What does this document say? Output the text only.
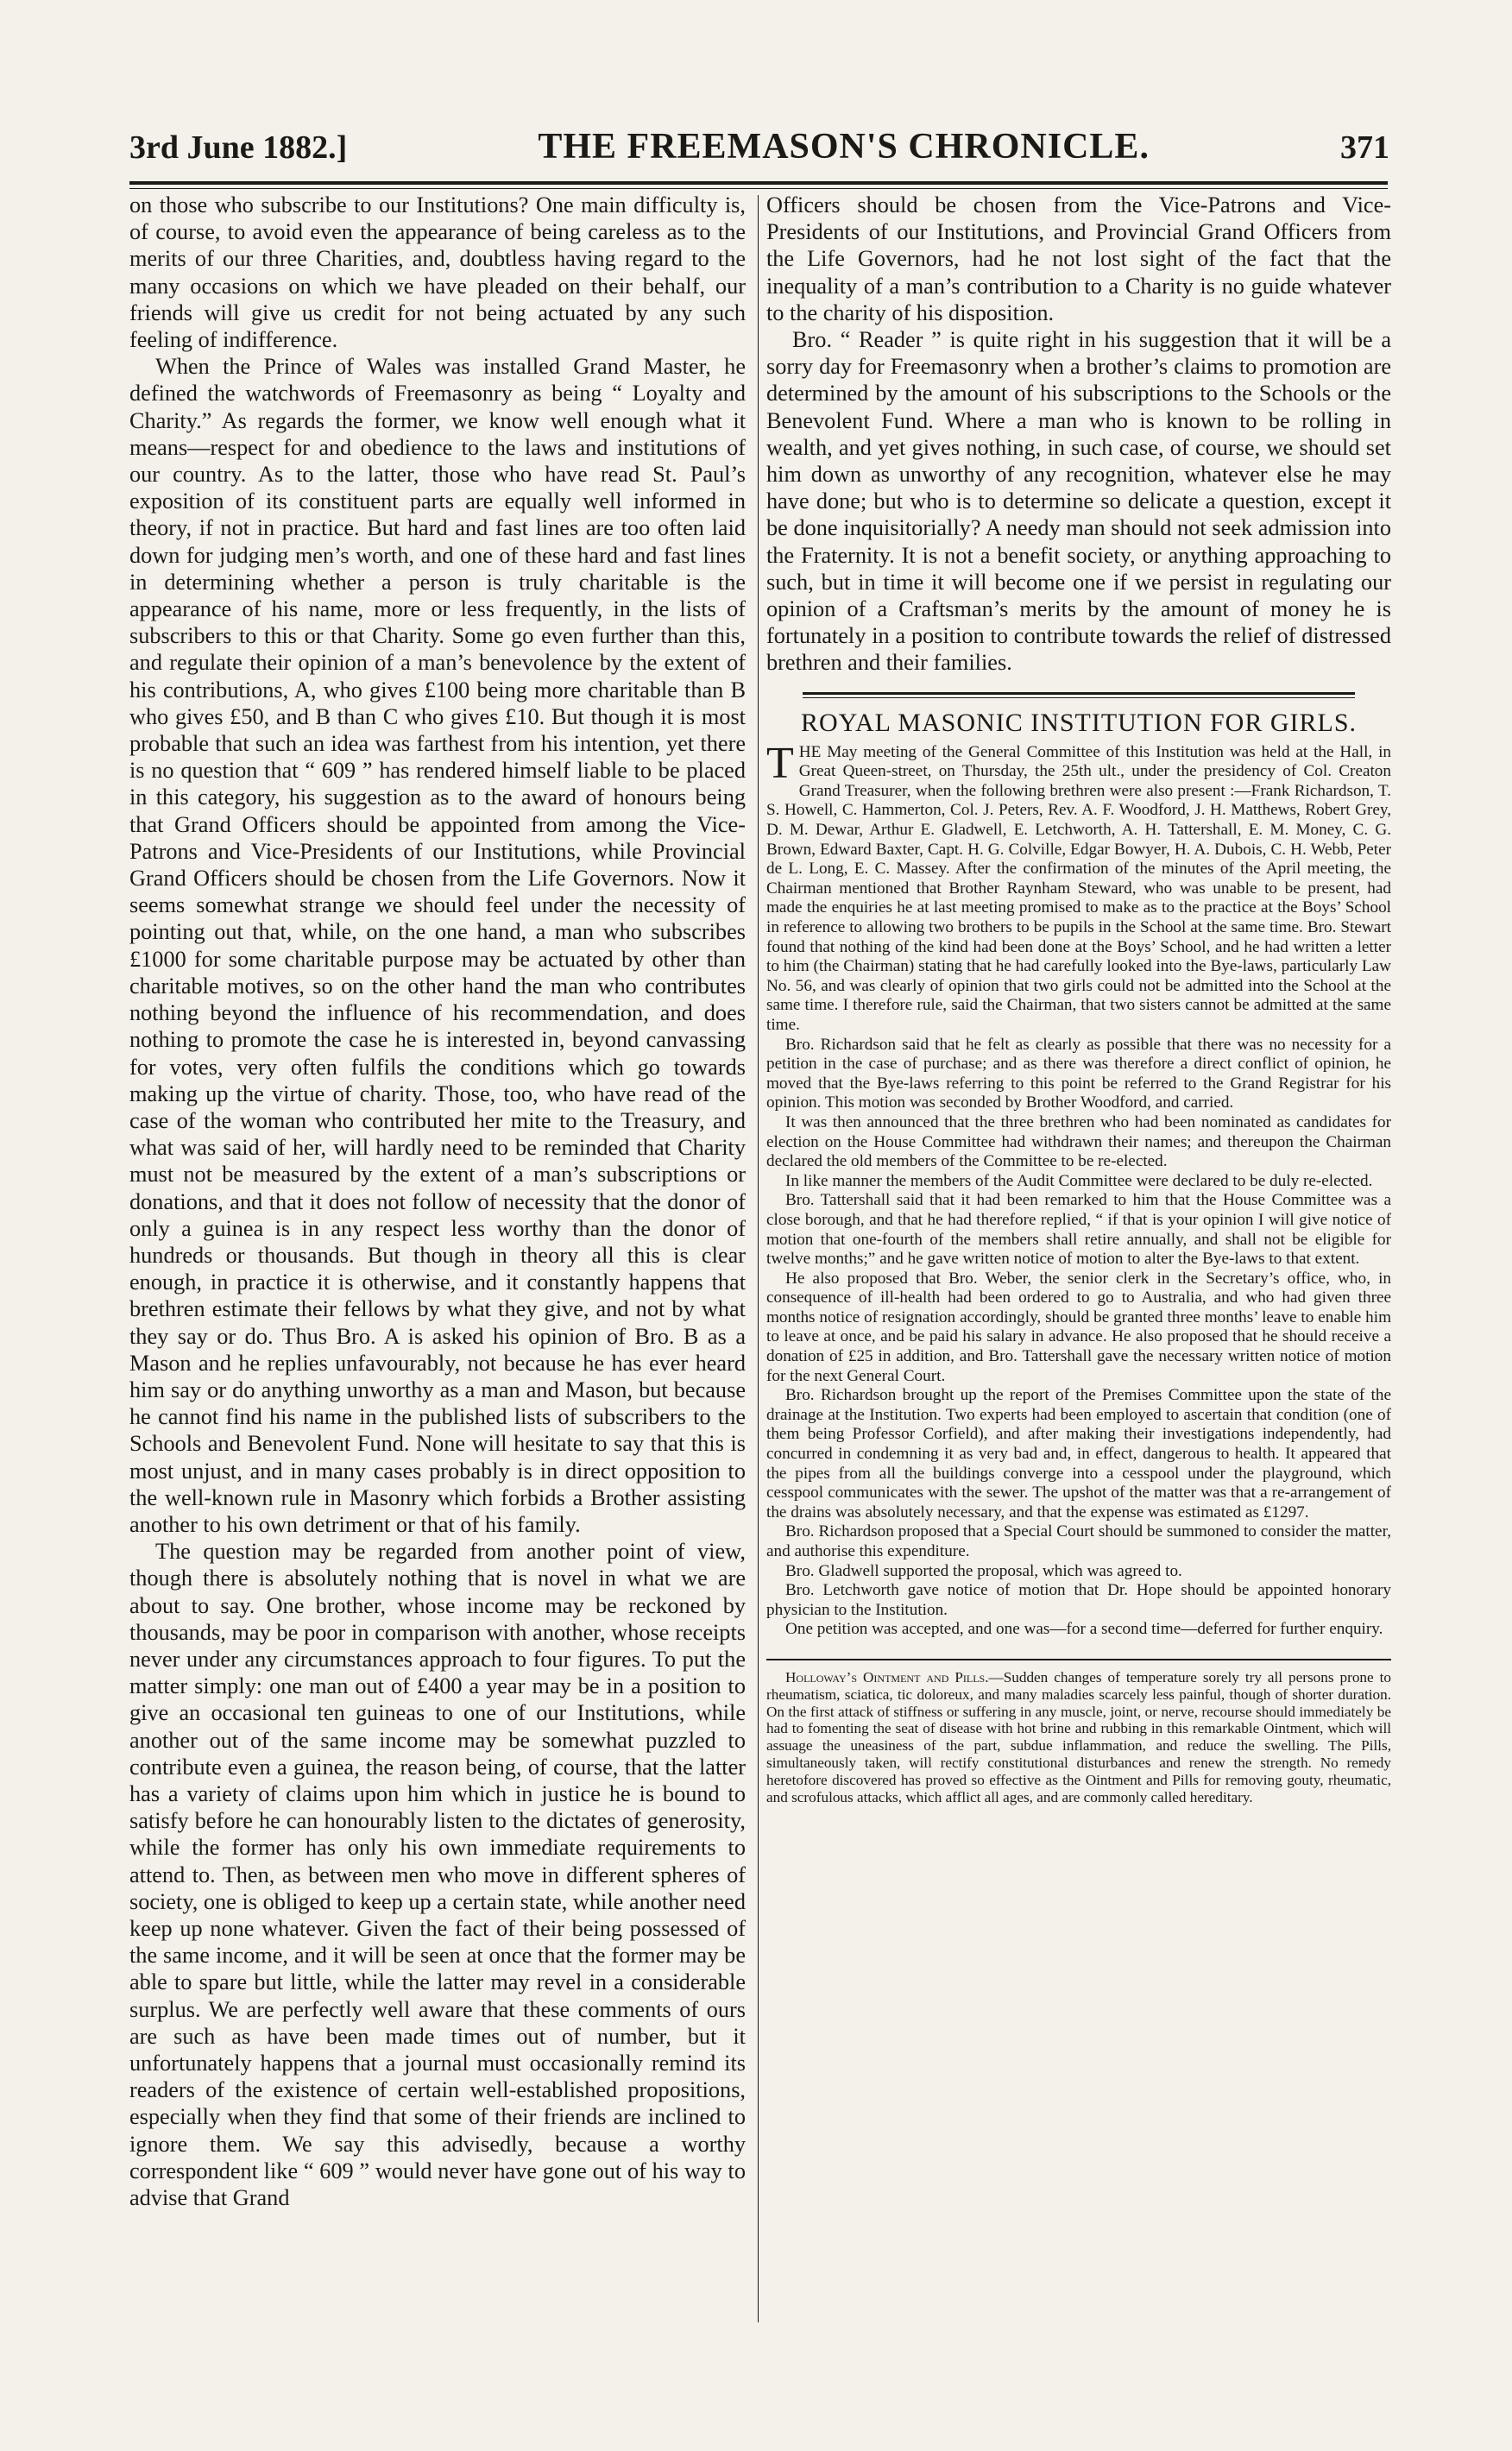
3rd June 1882.]	THE FREEMASON'S CHRONICLE.	371

on those who subscribe to our Institutions? One main difficulty is, of course, to avoid even the appearance of being careless as to the merits of our three Charities, and, doubtless having regard to the many occasions on which we have pleaded on their behalf, our friends will give us credit for not being actuated by any such feeling of indifference.

When the Prince of Wales was installed Grand Master, he defined the watchwords of Freemasonry as being “ Loyalty and Charity.” As regards the former, we know well enough what it means—respect for and obedience to the laws and institutions of our country. As to the latter, those who have read St. Paul’s exposition of its constituent parts are equally well informed in theory, if not in practice. But hard and fast lines are too often laid down for judging men’s worth, and one of these hard and fast lines in determining whether a person is truly charitable is the appearance of his name, more or less frequently, in the lists of subscribers to this or that Charity. Some go even further than this, and regulate their opinion of a man’s benevolence by the extent of his contributions, A, who gives £100 being more charitable than B who gives £50, and B than C who gives £10. But though it is most probable that such an idea was farthest from his intention, yet there is no question that “ 609 ” has rendered himself liable to be placed in this category, his suggestion as to the award of honours being that Grand Officers should be appointed from among the Vice-Patrons and Vice-Presidents of our Institutions, while Provincial Grand Officers should be chosen from the Life Governors. Now it seems somewhat strange we should feel under the necessity of pointing out that, while, on the one hand, a man who subscribes £1000 for some charitable purpose may be actuated by other than charitable motives, so on the other hand the man who contributes nothing beyond the influence of his recommendation, and does nothing to promote the case he is interested in, beyond canvassing for votes, very often fulfils the conditions which go towards making up the virtue of charity. Those, too, who have read of the case of the woman who contributed her mite to the Treasury, and what was said of her, will hardly need to be reminded that Charity must not be measured by the extent of a man’s subscriptions or donations, and that it does not follow of necessity that the donor of only a guinea is in any respect less worthy than the donor of hundreds or thousands. But though in theory all this is clear enough, in practice it is otherwise, and it constantly happens that brethren estimate their fellows by what they give, and not by what they say or do. Thus Bro. A is asked his opinion of Bro. B as a Mason and he replies unfavourably, not because he has ever heard him say or do anything unworthy as a man and Mason, but because he cannot find his name in the published lists of subscribers to the Schools and Benevolent Fund. None will hesitate to say that this is most unjust, and in many cases probably is in direct opposition to the well-known rule in Masonry which forbids a Brother assisting another to his own detriment or that of his family.

The question may be regarded from another point of view, though there is absolutely nothing that is novel in what we are about to say. One brother, whose income may be reckoned by thousands, may be poor in comparison with another, whose receipts never under any circumstances approach to four figures. To put the matter simply: one man out of £400 a year may be in a position to give an occasional ten guineas to one of our Institutions, while another out of the same income may be somewhat puzzled to contribute even a guinea, the reason being, of course, that the latter has a variety of claims upon him which in justice he is bound to satisfy before he can honourably listen to the dictates of generosity, while the former has only his own immediate requirements to attend to. Then, as between men who move in different spheres of society, one is obliged to keep up a certain state, while another need keep up none whatever. Given the fact of their being possessed of the same income, and it will be seen at once that the former may be able to spare but little, while the latter may revel in a considerable surplus. We are perfectly well aware that these comments of ours are such as have been made times out of number, but it unfortunately happens that a journal must occasionally remind its readers of the existence of certain well-established propositions, especially when they find that some of their friends are inclined to ignore them. We say this advisedly, because a worthy correspondent like “ 609 ” would never have gone out of his way to advise that Grand

Officers should be chosen from the Vice-Patrons and Vice-Presidents of our Institutions, and Provincial Grand Officers from the Life Governors, had he not lost sight of the fact that the inequality of a man’s contribution to a Charity is no guide whatever to the charity of his disposition.

Bro. “ Reader ” is quite right in his suggestion that it will be a sorry day for Freemasonry when a brother’s claims to promotion are determined by the amount of his subscriptions to the Schools or the Benevolent Fund. Where a man who is known to be rolling in wealth, and yet gives nothing, in such case, of course, we should set him down as unworthy of any recognition, whatever else he may have done; but who is to determine so delicate a question, except it be done inquisitorially? A needy man should not seek admission into the Fraternity. It is not a benefit society, or anything approaching to such, but in time it will become one if we persist in regulating our opinion of a Craftsman’s merits by the amount of money he is fortunately in a position to contribute towards the relief of distressed brethren and their families.

ROYAL MASONIC INSTITUTION FOR GIRLS.

THE May meeting of the General Committee of this Institution was held at the Hall, in Great Queen-street, on Thursday, the 25th ult., under the presidency of Col. Creaton Grand Treasurer, when the following brethren were also present :—Frank Richardson, T. S. Howell, C. Hammerton, Col. J. Peters, Rev. A. F. Woodford, J. H. Matthews, Robert Grey, D. M. Dewar, Arthur E. Gladwell, E. Letchworth, A. H. Tattershall, E. M. Money, C. G. Brown, Edward Baxter, Capt. H. G. Colville, Edgar Bowyer, H. A. Dubois, C. H. Webb, Peter de L. Long, E. C. Massey. After the confirmation of the minutes of the April meeting, the Chairman mentioned that Brother Raynham Steward, who was unable to be present, had made the enquiries he at last meeting promised to make as to the practice at the Boys’ School in reference to allowing two brothers to be pupils in the School at the same time. Bro. Stewart found that nothing of the kind had been done at the Boys’ School, and he had written a letter to him (the Chairman) stating that he had carefully looked into the Bye-laws, particularly Law No. 56, and was clearly of opinion that two girls could not be admitted into the School at the same time. I therefore rule, said the Chairman, that two sisters cannot be admitted at the same time.

Bro. Richardson said that he felt as clearly as possible that there was no necessity for a petition in the case of purchase; and as there was therefore a direct conflict of opinion, he moved that the Bye-laws referring to this point be referred to the Grand Registrar for his opinion. This motion was seconded by Brother Woodford, and carried.

It was then announced that the three brethren who had been nominated as candidates for election on the House Committee had withdrawn their names; and thereupon the Chairman declared the old members of the Committee to be re-elected.

In like manner the members of the Audit Committee were declared to be duly re-elected.

Bro. Tattershall said that it had been remarked to him that the House Committee was a close borough, and that he had therefore replied, “ if that is your opinion I will give notice of motion that one-fourth of the members shall retire annually, and shall not be eligible for twelve months;” and he gave written notice of motion to alter the Bye-laws to that extent.

He also proposed that Bro. Weber, the senior clerk in the Secretary’s office, who, in consequence of ill-health had been ordered to go to Australia, and who had given three months notice of resignation accordingly, should be granted three months’ leave to enable him to leave at once, and be paid his salary in advance. He also proposed that he should receive a donation of £25 in addition, and Bro. Tattershall gave the necessary written notice of motion for the next General Court.

Bro. Richardson brought up the report of the Premises Committee upon the state of the drainage at the Institution. Two experts had been employed to ascertain that condition (one of them being Professor Corfield), and after making their investigations independently, had concurred in condemning it as very bad and, in effect, dangerous to health. It appeared that the pipes from all the buildings converge into a cesspool under the playground, which cesspool communicates with the sewer. The upshot of the matter was that a re-arrangement of the drains was absolutely necessary, and that the expense was estimated as £1297.

Bro. Richardson proposed that a Special Court should be summoned to consider the matter, and authorise this expenditure.

Bro. Gladwell supported the proposal, which was agreed to.

Bro. Letchworth gave notice of motion that Dr. Hope should be appointed honorary physician to the Institution.

One petition was accepted, and one was—for a second time—deferred for further enquiry.

Holloway’s Ointment and Pills.—Sudden changes of temperature sorely try all persons prone to rheumatism, sciatica, tic doloreux, and many maladies scarcely less painful, though of shorter duration. On the first attack of stiffness or suffering in any muscle, joint, or nerve, recourse should immediately be had to fomenting the seat of disease with hot brine and rubbing in this remarkable Ointment, which will assuage the uneasiness of the part, subdue inflammation, and reduce the swelling. The Pills, simultaneously taken, will rectify constitutional disturbances and renew the strength. No remedy heretofore discovered has proved so effective as the Ointment and Pills for removing gouty, rheumatic, and scrofulous attacks, which afflict all ages, and are commonly called hereditary.
